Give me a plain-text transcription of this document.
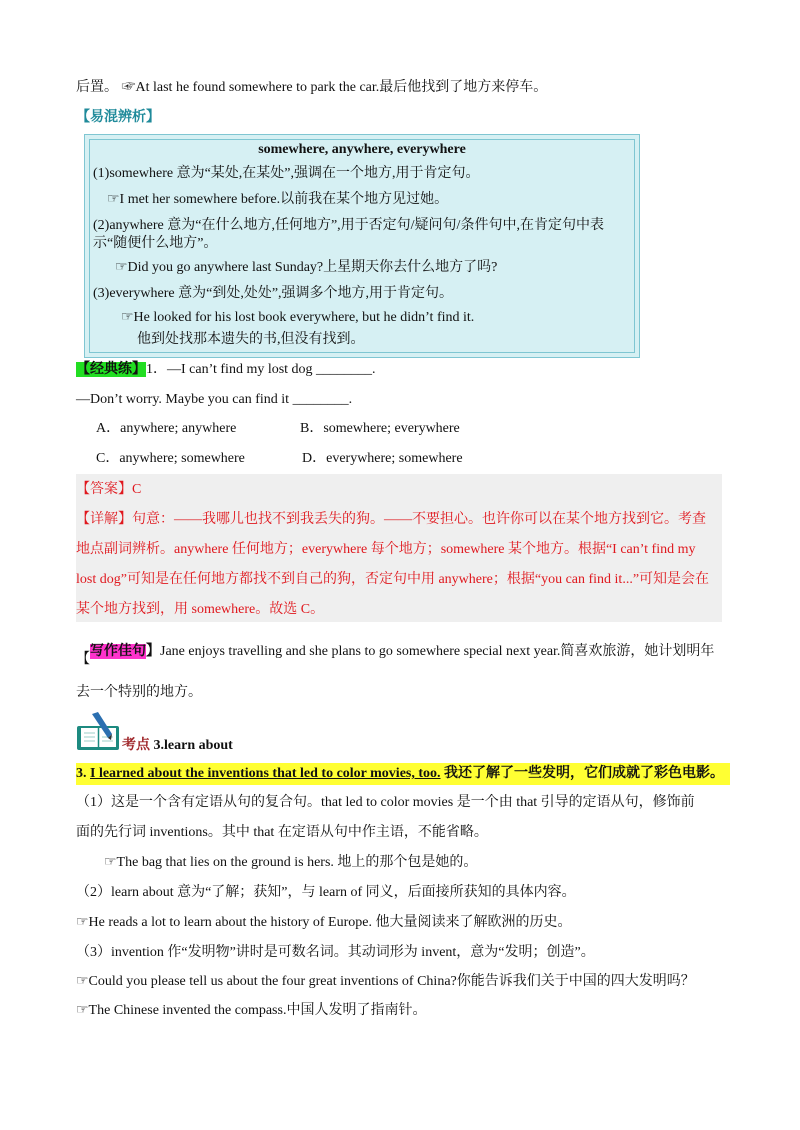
后置。 ☞At last he found somewhere to park the car.最后他找到了地方来停车。
【易混辨析】
somewhere, anywhere, everywhere
(1)somewhere 意为“某处,在某处”,强调在一个地方,用于肯定句。
☞I met her somewhere before.以前我在某个地方见过她。
(2)anywhere 意为“在什么地方,任何地方”,用于否定句/疑问句/条件句中,在肯定句中表
示“随便什么地方”。
☞Did you go anywhere last Sunday?上星期天你去什么地方了吗?
(3)everywhere 意为“到处,处处”,强调多个地方,用于肯定句。
☞He looked for his lost book everywhere, but he didn’t find it.
他到处找那本遗失的书,但没有找到。
【经典练】1．—I can’t find my lost dog ________.
—Don’t worry. Maybe you can find it ________.
A．anywhere; anywhere	B．somewhere; everywhere
C．anywhere; somewhere	D．everywhere; somewhere
【答案】C
【详解】句意：——我哪儿也找不到我丢失的狗。——不要担心。也许你可以在某个地方找到它。考查
地点副词辨析。anywhere 任何地方；everywhere 每个地方；somewhere 某个地方。根据“I can’t find my
lost dog”可知是在任何地方都找不到自己的狗，否定句中用 anywhere；根据“you can find it...”可知是会在
某个地方找到，用 somewhere。故选 C。
【写作佳句】Jane enjoys travelling and she plans to go somewhere special next year.简喜欢旅游，她计划明年
去一个特别的地方。
考点 3.learn about
3. I learned about the inventions that led to color movies, too. 我还了解了一些发明，它们成就了彩色电影。
（1）这是一个含有定语从句的复合句。that led to color movies 是一个由 that 引导的定语从句，修饰前
面的先行词 inventions。其中 that 在定语从句中作主语，不能省略。
☞The bag that lies on the ground is hers. 地上的那个包是她的。
（2）learn about 意为“了解；获知”，与 learn of 同义，后面接所获知的具体内容。
☞He reads a lot to learn about the history of Europe. 他大量阅读来了解欧洲的历史。
（3）invention 作“发明物”讲时是可数名词。其动词形为 invent，意为“发明；创造”。
☞Could you please tell us about the four great inventions of China?你能告诉我们关于中国的四大发明吗？
☞The Chinese invented the compass.中国人发明了指南针。
